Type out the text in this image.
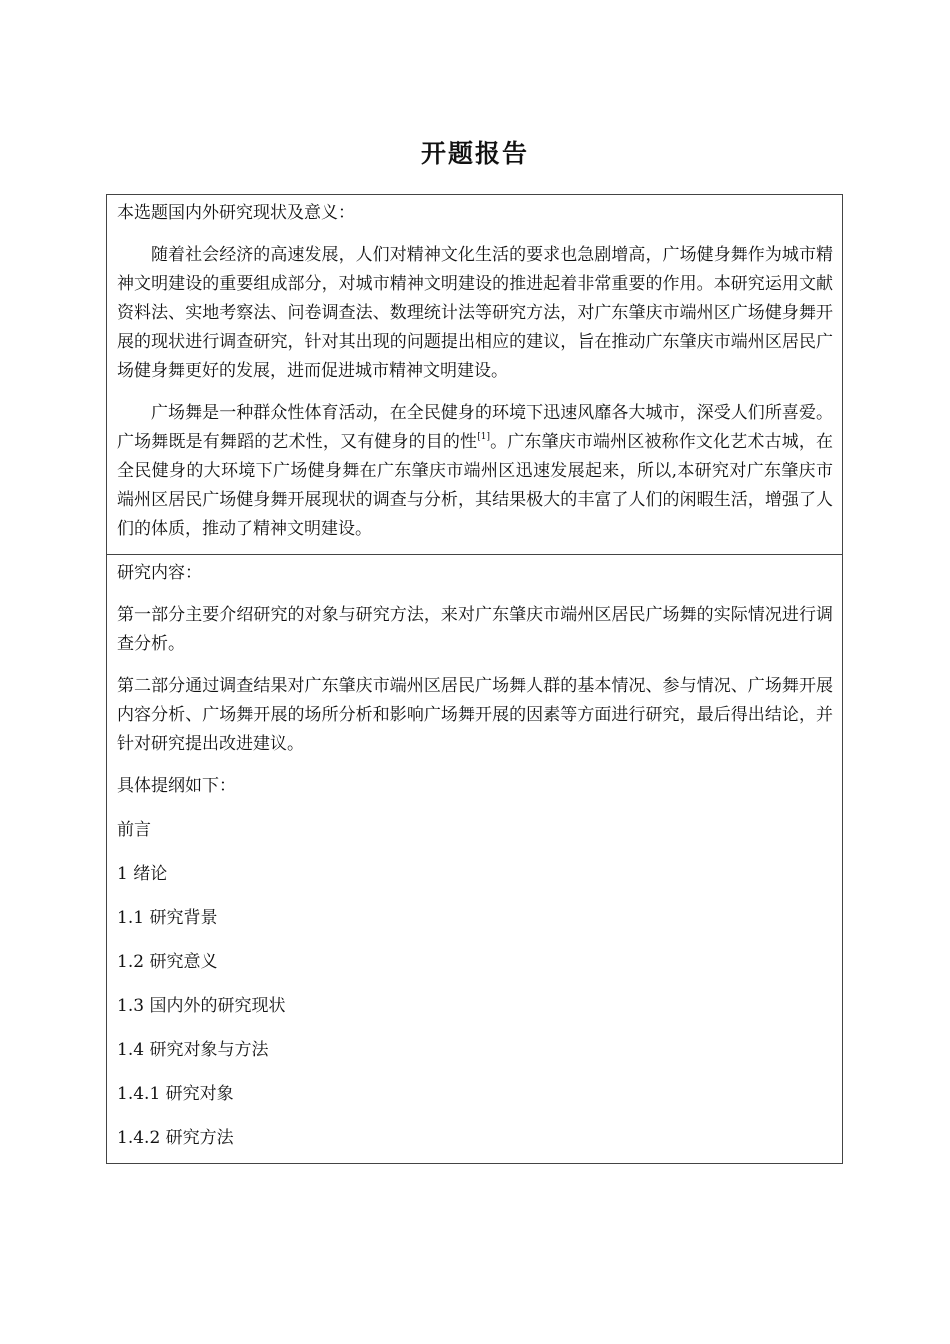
开题报告

本选题国内外研究现状及意义：

随着社会经济的高速发展，人们对精神文化生活的要求也急剧增高，广场健身舞作为城市精神文明建设的重要组成部分，对城市精神文明建设的推进起着非常重要的作用。本研究运用文献资料法、实地考察法、问卷调查法、数理统计法等研究方法，对广东肇庆市端州区广场健身舞开展的现状进行调查研究，针对其出现的问题提出相应的建议，旨在推动广东肇庆市端州区居民广场健身舞更好的发展，进而促进城市精神文明建设。

广场舞是一种群众性体育活动，在全民健身的环境下迅速风靡各大城市，深受人们所喜爱。广场舞既是有舞蹈的艺术性，又有健身的目的性[1]。广东肇庆市端州区被称作文化艺术古城，在全民健身的大环境下广场健身舞在广东肇庆市端州区迅速发展起来，所以,本研究对广东肇庆市端州区居民广场健身舞开展现状的调查与分析，其结果极大的丰富了人们的闲暇生活，增强了人们的体质，推动了精神文明建设。

研究内容：

第一部分主要介绍研究的对象与研究方法，来对广东肇庆市端州区居民广场舞的实际情况进行调查分析。

第二部分通过调查结果对广东肇庆市端州区居民广场舞人群的基本情况、参与情况、广场舞开展内容分析、广场舞开展的场所分析和影响广场舞开展的因素等方面进行研究，最后得出结论，并针对研究提出改进建议。

具体提纲如下：

前言

1 绪论

1.1 研究背景

1.2 研究意义

1.3 国内外的研究现状

1.4 研究对象与方法

1.4.1 研究对象

1.4.2 研究方法
